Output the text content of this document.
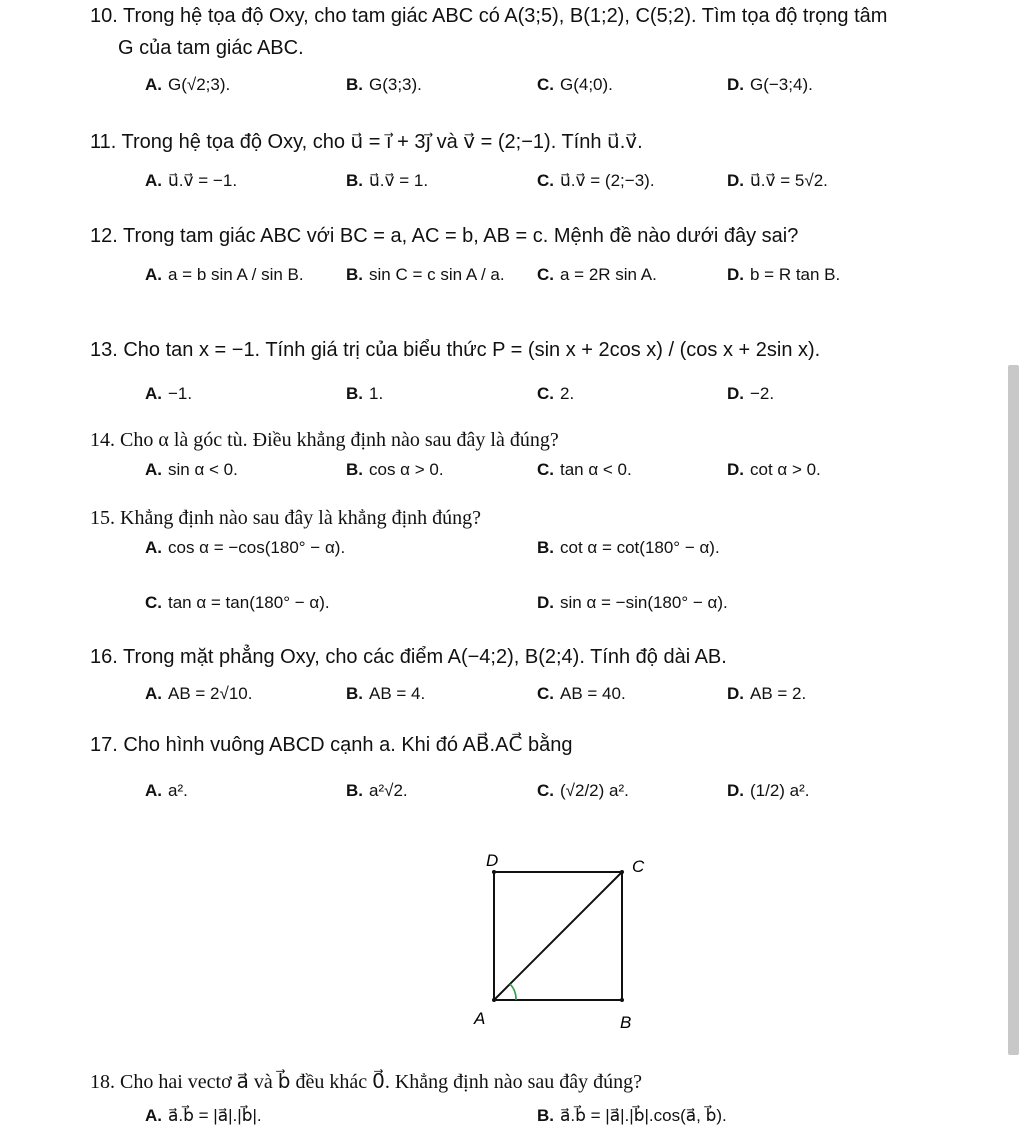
10. Trong hệ tọa độ Oxy, cho tam giác ABC có A(3;5), B(1;2), C(5;2). Tìm tọa độ trọng tâm
G của tam giác ABC.
A. G(√2;3).	B. G(3;3).	C. G(4;0).	D. G(−3;4).
11. Trong hệ tọa độ Oxy, cho u⃗ = i⃗ + 3j⃗ và v⃗ = (2;−1). Tính u⃗.v⃗.
A. u⃗.v⃗ = −1.	B. u⃗.v⃗ = 1.	C. u⃗.v⃗ = (2;−3).	D. u⃗.v⃗ = 5√2.
12. Trong tam giác ABC với BC = a, AC = b, AB = c. Mệnh đề nào dưới đây sai?
A. a = b sin A / sin B. B. sin C = c sin A / a. C. a = 2R sin A.	D. b = R tan B.
13. Cho tan x = −1. Tính giá trị của biểu thức P = (sin x + 2cos x) / (cos x + 2sin x).
A. −1.	B. 1.	C. 2.	D. −2.
14. Cho α là góc tù. Điều khẳng định nào sau đây là đúng?
A. sin α < 0.	B. cos α > 0.	C. tan α < 0.	D. cot α > 0.
15. Khẳng định nào sau đây là khẳng định đúng?
A. cos α = −cos(180° − α).	B. cot α = cot(180° − α).
C. tan α = tan(180° − α).	D. sin α = −sin(180° − α).
16. Trong mặt phẳng Oxy, cho các điểm A(−4;2), B(2;4). Tính độ dài AB.
A. AB = 2√10.	B. AB = 4.	C. AB = 40.	D. AB = 2.
17. Cho hình vuông ABCD cạnh a. Khi đó AB⃗.AC⃗ bằng
A. a².	B. a²√2.	C. (√2/2) a².	D. (1/2) a².
D	C
A	B
18. Cho hai vectơ a⃗ và b⃗ đều khác 0⃗. Khẳng định nào sau đây đúng?
A. a⃗.b⃗ = |a⃗|.|b⃗|.	B. a⃗.b⃗ = |a⃗|.|b⃗|.cos(a⃗, b⃗).
